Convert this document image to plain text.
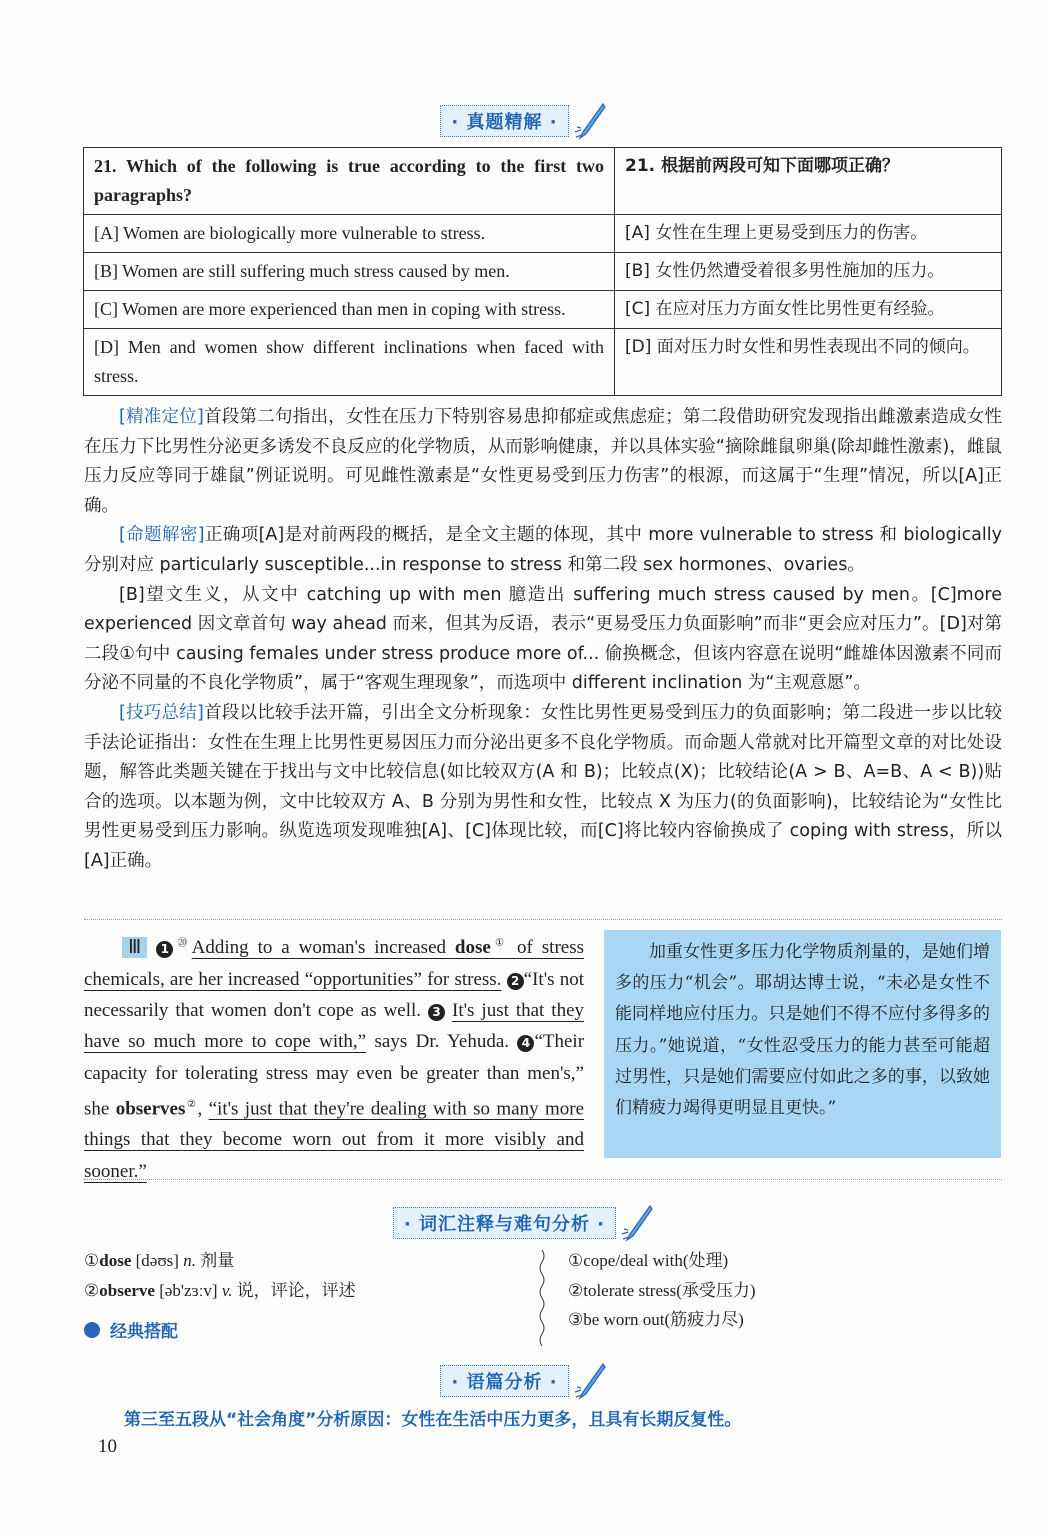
· 真题精解 ·
21. Which of the following is true according to the first two paragraphs?	21. 根据前两段可知下面哪项正确？
[A] Women are biologically more vulnerable to stress.	[A] 女性在生理上更易受到压力的伤害。
[B] Women are still suffering much stress caused by men.	[B] 女性仍然遭受着很多男性施加的压力。
[C] Women are more experienced than men in coping with stress.	[C] 在应对压力方面女性比男性更有经验。
[D] Men and women show different inclinations when faced with stress.	[D] 面对压力时女性和男性表现出不同的倾向。

[精准定位]首段第二句指出，女性在压力下特别容易患抑郁症或焦虑症；第二段借助研究发现指出雌激素造成女性在压力下比男性分泌更多诱发不良反应的化学物质，从而影响健康，并以具体实验“摘除雌鼠卵巢(除却雌性激素)，雌鼠压力反应等同于雄鼠”例证说明。可见雌性激素是“女性更易受到压力伤害”的根源，而这属于“生理”情况，所以[A]正确。

[命题解密]正确项[A]是对前两段的概括，是全文主题的体现，其中 more vulnerable to stress 和 biologically 分别对应 particularly susceptible...in response to stress 和第二段 sex hormones、ovaries。

[B]望文生义，从文中 catching up with men 臆造出 suffering much stress caused by men。[C]more experienced 因文章首句 way ahead 而来，但其为反语，表示“更易受压力负面影响”而非“更会应对压力”。[D]对第二段①句中 causing females under stress produce more of... 偷换概念，但该内容意在说明“雌雄体因激素不同而分泌不同量的不良化学物质”，属于“客观生理现象”，而选项中 different inclination 为“主观意愿”。

[技巧总结]首段以比较手法开篇，引出全文分析现象：女性比男性更易受到压力的负面影响；第二段进一步以比较手法论证指出：女性在生理上比男性更易因压力而分泌出更多不良化学物质。而命题人常就对比开篇型文章的对比处设题，解答此类题关键在于找出与文中比较信息(如比较双方(A 和 B)；比较点(X)；比较结论(A > B、A=B、A < B))贴合的选项。以本题为例，文中比较双方 A、B 分别为男性和女性，比较点 X 为压力(的负面影响)，比较结论为“女性比男性更易受到压力影响。纵览选项发现唯独[A]、[C]体现比较，而[C]将比较内容偷换成了 coping with stress，所以[A]正确。

  Ⅲ 1 ⑳Adding to a woman's increased dose① of stress chemicals, are her increased “opportunities” for stress. 2 “It's not necessarily that women don't cope as well. 3 It's just that they have so much more to cope with,” says Dr. Yehuda. 4 “Their capacity for tolerating stress may even be greater than men's,” she observes②, “it's just that they're dealing with so many more things that they become worn out from it more visibly and sooner.”
加重女性更多压力化学物质剂量的，是她们增多的压力“机会”。耶胡达博士说，“未必是女性不能同样地应付压力。只是她们不得不应付多得多的压力。”她说道，“女性忍受压力的能力甚至可能超过男性，只是她们需要应付如此之多的事，以致她们精疲力竭得更明显且更快。”
· 词汇注释与难句分析 ·
①dose [dəʊs] n. 剂量
②observe [əb'zɜːv] v. 说，评论，评述
经典搭配
①cope/deal with(处理)
②tolerate stress(承受压力)
③be worn out(筋疲力尽)
· 语篇分析 ·
第三至五段从“社会角度”分析原因：女性在生活中压力更多，且具有长期反复性。
10
